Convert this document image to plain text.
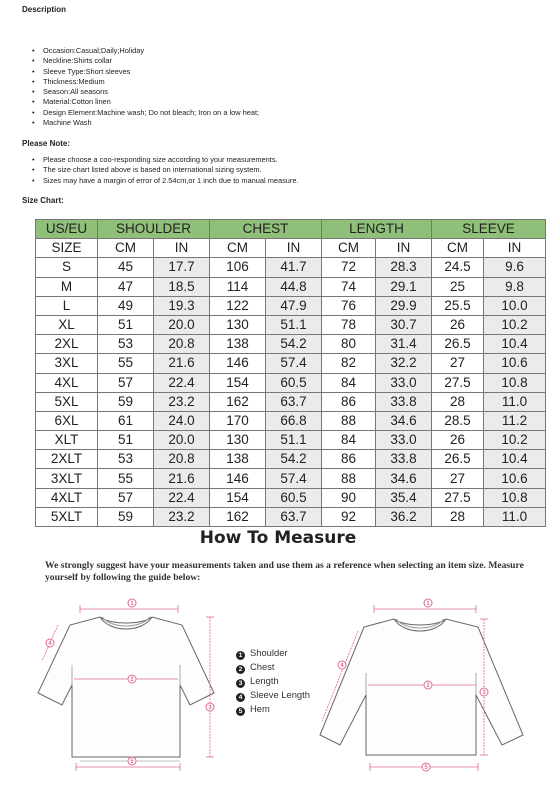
Description
• Occasion:Casual;Daily;Holiday
• Neckline:Shirts collar
• Sleeve Type:Short sleeves
• Thickness:Medium
• Season:All seasons
• Material:Cotton linen
• Design Element:Machine wash; Do not bleach; Iron on a low heat;
• Machine Wash
Please Note:
• Please choose a coo-responding size according to your measurements.
• The size chart listed above is based on international sizing system.
• Sizes may have a margin of error of 2.54cm,or 1 inch due to manual measure.
Size Chart:
US/EU	SHOULDER		CHEST		LENGTH		SLEEVE	
SIZE	CM	IN	CM	IN	CM	IN	CM	IN
S	45	17.7	106	41.7	72	28.3	24.5	9.6
M	47	18.5	114	44.8	74	29.1	25	9.8
L	49	19.3	122	47.9	76	29.9	25.5	10.0
XL	51	20.0	130	51.1	78	30.7	26	10.2
2XL	53	20.8	138	54.2	80	31.4	26.5	10.4
3XL	55	21.6	146	57.4	82	32.2	27	10.6
4XL	57	22.4	154	60.5	84	33.0	27.5	10.8
5XL	59	23.2	162	63.7	86	33.8	28	11.0
6XL	61	24.0	170	66.8	88	34.6	28.5	11.2
XLT	51	20.0	130	51.1	84	33.0	26	10.2
2XLT	53	20.8	138	54.2	86	33.8	26.5	10.4
3XLT	55	21.6	146	57.4	88	34.6	27	10.6
4XLT	57	22.4	154	60.5	90	35.4	27.5	10.8
5XLT	59	23.2	162	63.7	92	36.2	28	11.0
How To Measure
We strongly suggest have your measurements taken and use them as a reference when selecting an item size. Measure yourself by following the guide below:
1
2
3
4
5
1 Shoulder
2 Chest
3 Length
4 Sleeve Length
5 Hem
1
2
3
4
5
